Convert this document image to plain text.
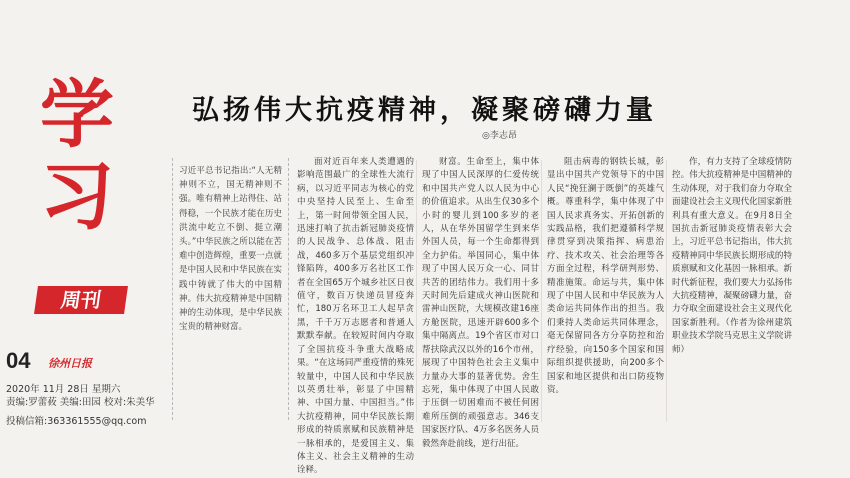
学
习
周刊
04 徐州日报
2020年 11月 28日 星期六
责编:罗蕾莜 美编:田园 校对:朱美华
投稿信箱:363361555@qq.com
弘扬伟大抗疫精神，凝聚磅礴力量
◎李志昂

习近平总书记指出:“人无精神则不立，国无精神则不强。唯有精神上站得住、站得稳，一个民族才能在历史洪流中屹立不倒、挺立潮头。”中华民族之所以能在苦难中创造辉煌，重要一点就是中国人民和中华民族在实践中铸就了伟大的中国精神。伟大抗疫精神是中国精神的生动体现，是中华民族宝贵的精神财富。

面对近百年来人类遭遇的影响范围最广的全球性大流行病，以习近平同志为核心的党中央坚持人民至上、生命至上，第一时间带领全国人民，迅速打响了抗击新冠肺炎疫情的人民战争、总体战、阻击战，460多万个基层党组织冲锋陷阵，400多万名社区工作者在全国65万个城乡社区日夜值守，数百万快递员冒疫奔忙，180万名环卫工人起早贪黑，千千万万志愿者和普通人默默奉献。在较短时间内夺取了全国抗疫斗争重大战略成果。“在这场同严重疫情的殊死较量中，中国人民和中华民族以英勇壮举，彰显了中国精神、中国力量、中国担当。”伟大抗疫精神，同中华民族长期形成的特质禀赋和民族精神是一脉相承的，是爱国主义、集体主义、社会主义精神的生动诠释。

财富。生命至上，集中体现了中国人民深厚的仁爱传统和中国共产党人以人民为中心的价值追求。从出生仅30多个小时的婴儿到100多岁的老人，从在华外国留学生到来华外国人员，每一个生命都得到全力护佑。举国同心，集中体现了中国人民万众一心、同甘共苦的团结伟力。我们用十多天时间先后建成火神山医院和雷神山医院，大规模改建16座方舱医院，迅速开辟600多个集中隔离点。19个省区市对口帮扶除武汉以外的16个市州，展现了中国特色社会主义集中力量办大事的显著优势。舍生忘死，集中体现了中国人民敢于压倒一切困难而不被任何困难所压倒的顽强意志。346支国家医疗队、4万多名医务人员毅然奔赴前线，逆行出征。

阻击病毒的钢铁长城，彰显出中国共产党领导下的中国人民“挽狂澜于既倒”的英雄气概。尊重科学，集中体现了中国人民求真务实、开拓创新的实践品格，我们把遵循科学规律贯穿到决策指挥、病患治疗、技术攻关、社会治理等各方面全过程，科学研判形势、精准施策。命运与共，集中体现了中国人民和中华民族为人类命运共同体作出的担当。我们秉持人类命运共同体理念，毫无保留同各方分享防控和治疗经验，向150多个国家和国际组织提供援助，向200多个国家和地区提供和出口防疫物资。

作，有力支持了全球疫情防控。伟大抗疫精神是中国精神的生动体现，对于我们奋力夺取全面建设社会主义现代化国家新胜利具有重大意义。在9月8日全国抗击新冠肺炎疫情表彰大会上，习近平总书记指出，伟大抗疫精神同中华民族长期形成的特质禀赋和文化基因一脉相承。新时代新征程，我们要大力弘扬伟大抗疫精神，凝聚磅礴力量，奋力夺取全面建设社会主义现代化国家新胜利。（作者为徐州建筑职业技术学院马克思主义学院讲师）
